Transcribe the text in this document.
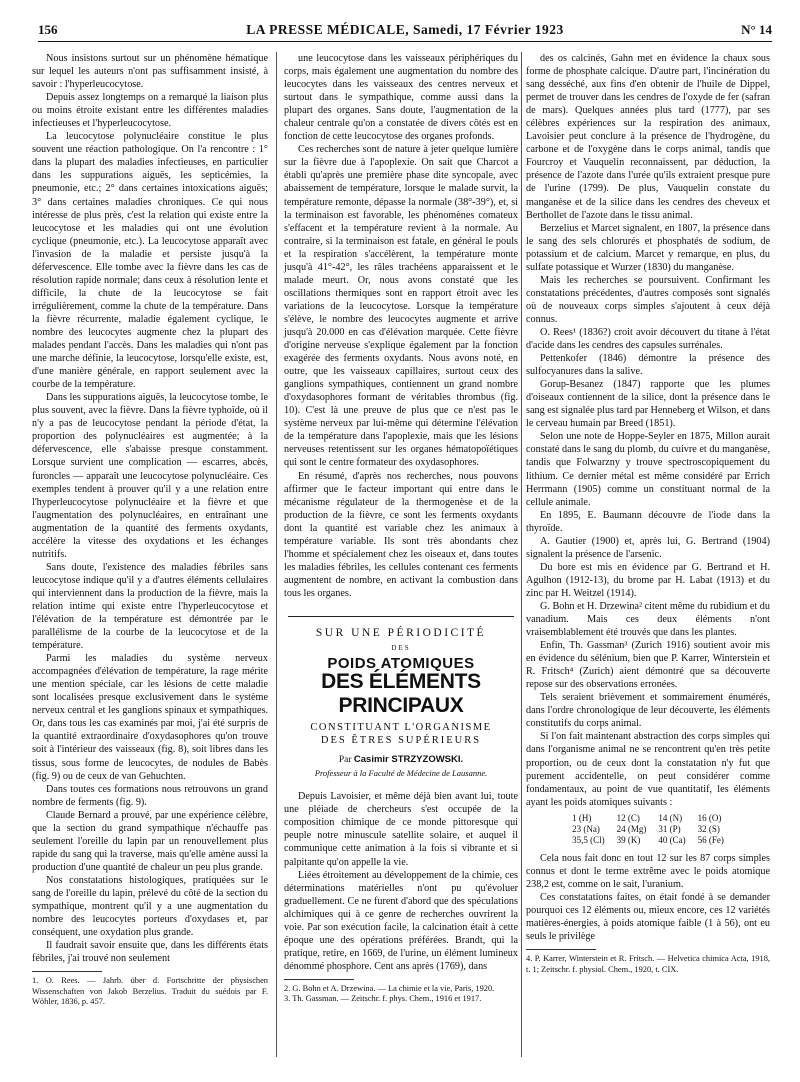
156	LA PRESSE MÉDICALE, Samedi, 17 Février 1923	N° 14

Nous insistons surtout sur un phénomène hématique sur lequel les auteurs n'ont pas suffisamment insisté, à savoir : l'hyperleucocytose.

Depuis assez longtemps on a remarqué la liaison plus ou moins étroite existant entre les différentes maladies infectieuses et l'hyperleucocytose.

La leucocytose polynucléaire constitue le plus souvent une réaction pathologique. On l'a rencontre : 1° dans la plupart des maladies infectieuses, en particulier dans les suppurations aiguës, les septicémies, la pneumonie, etc.; 2° dans certaines intoxications aiguës; 3° dans certaines maladies chroniques. Ce qui nous intéresse de plus près, c'est la relation qui existe entre la leucocytose et les maladies qui ont une évolution cyclique (pneumonie, etc.). La leucocytose apparaît avec l'invasion de la maladie et persiste jusqu'à la défervescence. Elle tombe avec la fièvre dans les cas de résolution rapide normale; dans ceux à résolution lente et difficile, la chute de la leucocytose se fait irrégulièrement, comme la chute de la température. Dans la fièvre récurrente, maladie également cyclique, le nombre des leucocytes augmente chez la plupart des malades pendant l'accès. Dans les maladies qui n'ont pas une marche définie, la leucocytose, lorsqu'elle existe, est, d'une manière générale, en rapport seulement avec la courbe de la température.

Dans les suppurations aiguës, la leucocytose tombe, le plus souvent, avec la fièvre. Dans la fièvre typhoïde, où il n'y a pas de leucocytose pendant la période d'état, la proportion des polynucléaires est augmentée; à la défervescence, elle s'abaisse presque constamment. Lorsque survient une complication — escarres, abcès, furoncles — apparaît une leucocytose polynucléaire. Ces exemples tendent à prouver qu'il y a une relation entre l'hyperleucocytose polynucléaire et la fièvre et que l'augmentation des polynucléaires, en entraînant une augmentation de la quantité des ferments oxydants, accélère la vitesse des oxydations et les échanges nutritifs.

Sans doute, l'existence des maladies fébriles sans leucocytose indique qu'il y a d'autres éléments cellulaires qui interviennent dans la production de la fièvre, mais la relation intime qui existe entre l'hyperleucocytose et l'élévation de la température est démontrée par le parallélisme de la courbe de la leucocytose et de la température.

Parmi les maladies du système nerveux accompagnées d'élévation de température, la rage mérite une mention spéciale, car les lésions de cette maladie sont localisées presque exclusivement dans le système nerveux central et les ganglions spinaux et sympathiques. Or, dans tous les cas examinés par moi, j'ai été surpris de la quantité extraordinaire d'oxydasophores qu'on trouve soit à l'intérieur des vaisseaux (fig. 8), soit libres dans les tissus, sous forme de leucocytes, de nodules de Babès (fig. 9) ou de ceux de van Gehuchten.

Dans toutes ces formations nous retrouvons un grand nombre de ferments (fig. 9).

Claude Bernard a prouvé, par une expérience célèbre, que la section du grand sympathique n'échauffe pas seulement l'oreille du lapin par un renouvellement plus rapide du sang qui la traverse, mais qu'elle amène aussi la production d'une quantité de chaleur un peu plus grande.

Nos constatations histologiques, pratiquées sur le sang de l'oreille du lapin, prélevé du côté de la section du sympathique, montrent qu'il y a une augmentation du nombre des leucocytes porteurs d'oxydases et, par conséquent, une oxydation plus grande.

Il faudrait savoir ensuite que, dans les différents états fébriles, j'ai trouvé non seulement

1. O. Rees. — Jahrb. über d. Fortschritte der physischen Wissenschaften von Jakob Berzelius. Traduit du suédois par F. Wöhler, 1836, p. 457.

une leucocytose dans les vaisseaux périphériques du corps, mais également une augmentation du nombre des leucocytes dans les vaisseaux des centres nerveux et surtout dans le sympathique, comme aussi dans la plupart des organes. Sans doute, l'augmentation de la chaleur centrale qu'on a constatée de divers côtés est en fonction de cette leucocytose des organes profonds.

Ces recherches sont de nature à jeter quelque lumière sur la fièvre due à l'apoplexie. On sait que Charcot a établi qu'après une première phase dite syncopale, avec abaissement de température, lorsque le malade survit, la température remonte, dépasse la normale (38°-39°), et, si la terminaison est favorable, les phénomènes comateux s'effacent et la température revient à la normale. Au contraire, si la terminaison est fatale, en général le pouls et la respiration s'accélèrent, la température monte jusqu'à 41°-42°, les râles trachéens apparaissent et le malade meurt. Or, nous avons constaté que les oscillations thermiques sont en rapport étroit avec les variations de la leucocytose. Lorsque la température s'élève, le nombre des leucocytes augmente et arrive jusqu'à 20.000 en cas d'élévation marquée. Cette fièvre d'origine nerveuse s'explique également par la fonction exagérée des ferments oxydants. Nous avons noté, en outre, que les vaisseaux capillaires, surtout ceux des ganglions sympathiques, contiennent un grand nombre d'oxydasophores formant de véritables thrombus (fig. 10). C'est là une preuve de plus que ce n'est pas le système nerveux par lui-même qui détermine l'élévation de la température dans l'apoplexie, mais que les lésions nerveuses retentissent sur les organes hématopoïétiques qui sont le centre formateur des oxydasophores.

En résumé, d'après nos recherches, nous pouvons affirmer que le facteur important qui entre dans le mécanisme régulateur de la thermogenèse et de la production de la fièvre, ce sont les ferments oxydants dont la quantité est variable chez les animaux à température variable. Ils sont très abondants chez l'homme et spécialement chez les oiseaux et, dans toutes les maladies fébriles, les cellules contenant ces ferments augmentent de nombre, en activant la combustion dans tous les organes.

SUR UNE PÉRIODICITÉ
DES
POIDS ATOMIQUES
DES ÉLÉMENTS PRINCIPAUX
CONSTITUANT L'ORGANISME
DES ÊTRES SUPÉRIEURS
Par Casimir STRZYZOWSKI.
Professeur à la Faculté de Médecine de Lausanne.

Depuis Lavoisier, et même déjà bien avant lui, toute une pléiade de chercheurs s'est occupée de la composition chimique de ce monde pittoresque qui peuple notre minuscule satellite solaire, et auquel il communique cette animation à la fois si vibrante et si palpitante qu'on appelle la vie.

Liées étroitement au développement de la chimie, ces déterminations matérielles n'ont pu qu'évoluer graduellement. Ce ne furent d'abord que des spéculations alchimiques qui à ce genre de recherches ouvrirent la voie. Par son exécution facile, la calcination était à cette époque une des opérations préférées. Brandt, qui la pratique, retire, en 1669, de l'urine, un élément lumineux dénommé phosphore. Cent ans après (1769), dans

2. G. Bohn et A. Drzewina. — La chimie et la vie, Paris, 1920.

3. Th. Gassman. — Zeitschr. f. phys. Chem., 1916 et 1917.

des os calcinés, Gahn met en évidence la chaux sous forme de phosphate calcique. D'autre part, l'incinération du sang desséché, aux fins d'en obtenir de l'huile de Dippel, permet de trouver dans les cendres de l'oxyde de fer (safran de mars). Quelques années plus tard (1777), par ses célèbres expériences sur la respiration des animaux, Lavoisier peut conclure à la présence de l'hydrogène, du carbone et de l'oxygène dans le corps animal, tandis que Fourcroy et Vauquelin reconnaissent, par déduction, la présence de l'azote dans l'urée qu'ils extraient presque pure de l'urine (1799). De plus, Vauquelin constate du manganèse et de la silice dans les cendres des cheveux et Berthollet de l'azote dans le tissu animal.

Berzelius et Marcet signalent, en 1807, la présence dans le sang des sels chlorurés et phosphatés de sodium, de potassium et de calcium. Marcet y remarque, en plus, du sulfate potassique et Wurzer (1830) du manganèse.

Mais les recherches se poursuivent. Confirmant les constatations précédentes, d'autres composés sont signalés où de nouveaux corps simples s'ajoutent à ceux déjà connus.

O. Rees¹ (1836?) croit avoir découvert du titane à l'état d'acide dans les cendres des capsules surrénales.

Pettenkofer (1846) démontre la présence des sulfocyanures dans la salive.

Gorup-Besanez (1847) rapporte que les plumes d'oiseaux contiennent de la silice, dont la présence dans le sang est signalée plus tard par Henneberg et Wilson, et dans le cerveau humain par Breed (1851).

Selon une note de Hoppe-Seyler en 1875, Millon aurait constaté dans le sang du plomb, du cuivre et du manganèse, tandis que Folwarzny y trouve spectroscopiquement du lithium. Ce dernier métal est même considéré par Errich Herrmann (1905) comme un constituant normal de la cellule animale.

En 1895, E. Baumann découvre de l'iode dans la thyroïde.

A. Gautier (1900) et, après lui, G. Bertrand (1904) signalent la présence de l'arsenic.

Du bore est mis en évidence par G. Bertrand et H. Agulhon (1912-13), du brome par H. Labat (1913) et du zinc par H. Weitzel (1914).

G. Bohn et H. Drzewina² citent même du rubidium et du vanadium. Mais ces deux éléments n'ont vraisemblablement été trouvés que dans les plantes.

Enfin, Th. Gassman³ (Zurich 1916) soutient avoir mis en évidence du sélénium, bien que P. Karrer, Winterstein et R. Fritsch⁴ (Zurich) aient démontré que sa découverte repose sur des observations erronées.

Tels seraient brièvement et sommairement énumérés, dans l'ordre chronologique de leur découverte, les éléments constitutifs du corps animal.

Si l'on fait maintenant abstraction des corps simples qui dans l'organisme animal ne se rencontrent qu'en très petite proportion, ou de ceux dont la constatation n'y fut que purement accidentelle, on peut considérer comme fondamentaux, au point de vue quantitatif, les éléments ayant les poids atomiques suivants :

1 (H)	12 (C)	14 (N)	16 (O)
23 (Na)	24 (Mg)	31 (P)	32 (S)
35,5 (Cl)	39 (K)	40 (Ca)	56 (Fe)

Cela nous fait donc en tout 12 sur les 87 corps simples connus et dont le terme extrême avec le poids atomique 238,2 est, comme on le sait, l'uranium.

Ces constatations faites, on était fondé à se demander pourquoi ces 12 éléments ou, mieux encore, ces 12 variétés matières-énergies, à poids atomique faible (1 à 56), ont eu seuls le privilège

4. P. Karrer, Winterstein et R. Fritsch. — Helvetica chimica Acta, 1918, t. 1; Zeitschr. f. physiol. Chem., 1920, t. CIX.
